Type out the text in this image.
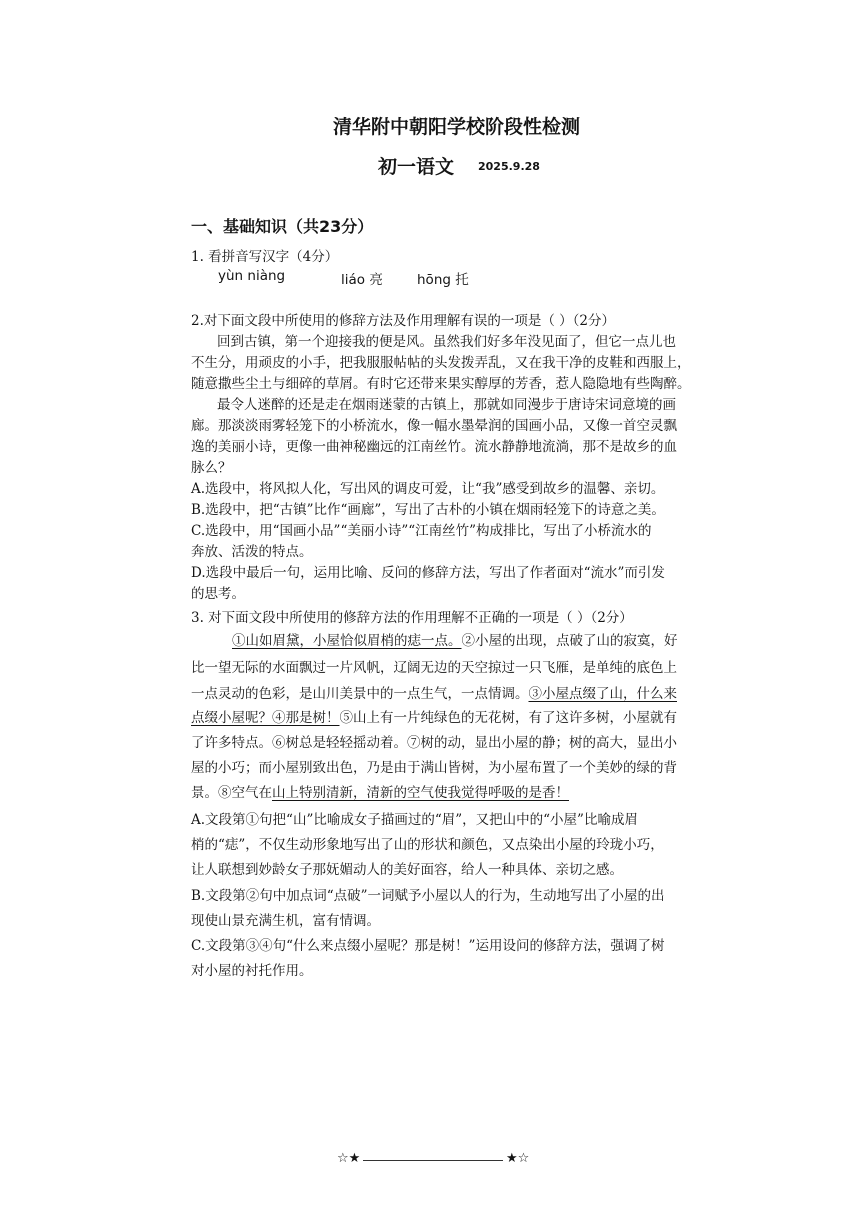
清华附中朝阳学校阶段性检测
初一语文 2025.9.28
一、基础知识（共23分）
1. 看拼音写汉字（4分）
yùn niàng	liáo 亮	hōng 托
2.对下面文段中所使用的修辞方法及作用理解有误的一项是（ ）（2分）
回到古镇，第一个迎接我的便是风。虽然我们好多年没见面了，但它一点儿也
不生分，用顽皮的小手，把我服服帖帖的头发拨弄乱，又在我干净的皮鞋和西服上，
随意撒些尘土与细碎的草屑。有时它还带来果实醇厚的芳香，惹人隐隐地有些陶醉。
最令人迷醉的还是走在烟雨迷蒙的古镇上，那就如同漫步于唐诗宋词意境的画
廊。那淡淡雨雾轻笼下的小桥流水，像一幅水墨晕润的国画小品，又像一首空灵飘
逸的美丽小诗，更像一曲神秘幽远的江南丝竹。流水静静地流淌，那不是故乡的血
脉么？
A.选段中，将风拟人化，写出风的调皮可爱，让“我”感受到故乡的温馨、亲切。
B.选段中，把“古镇”比作“画廊”，写出了古朴的小镇在烟雨轻笼下的诗意之美。
C.选段中，用“国画小品”“美丽小诗”“江南丝竹”构成排比，写出了小桥流水的
奔放、活泼的特点。
D.选段中最后一句，运用比喻、反问的修辞方法，写出了作者面对“流水”而引发
的思考。
3. 对下面文段中所使用的修辞方法的作用理解不正确的一项是（ ）（2分）
①山如眉黛，小屋恰似眉梢的痣一点。②小屋的出现，点破了山的寂寞，好
比一望无际的水面飘过一片风帆，辽阔无边的天空掠过一只飞雁，是单纯的底色上
一点灵动的色彩，是山川美景中的一点生气，一点情调。③小屋点缀了山，什么来
点缀小屋呢？④那是树！⑤山上有一片纯绿色的无花树，有了这许多树，小屋就有
了许多特点。⑥树总是轻轻摇动着。⑦树的动，显出小屋的静；树的高大，显出小
屋的小巧；而小屋别致出色，乃是由于满山皆树，为小屋布置了一个美妙的绿的背
景。⑧空气在山上特别清新，清新的空气使我觉得呼吸的是香！
A.文段第①句把“山”比喻成女子描画过的“眉”，又把山中的“小屋”比喻成眉
梢的“痣”，不仅生动形象地写出了山的形状和颜色，又点染出小屋的玲珑小巧，
让人联想到妙龄女子那妩媚动人的美好面容，给人一种具体、亲切之感。
B.文段第②句中加点词“点破”一词赋予小屋以人的行为，生动地写出了小屋的出
现使山景充满生机，富有情调。
C.文段第③④句“什么来点缀小屋呢？那是树！”运用设问的修辞方法，强调了树
对小屋的衬托作用。
☆★	★☆
